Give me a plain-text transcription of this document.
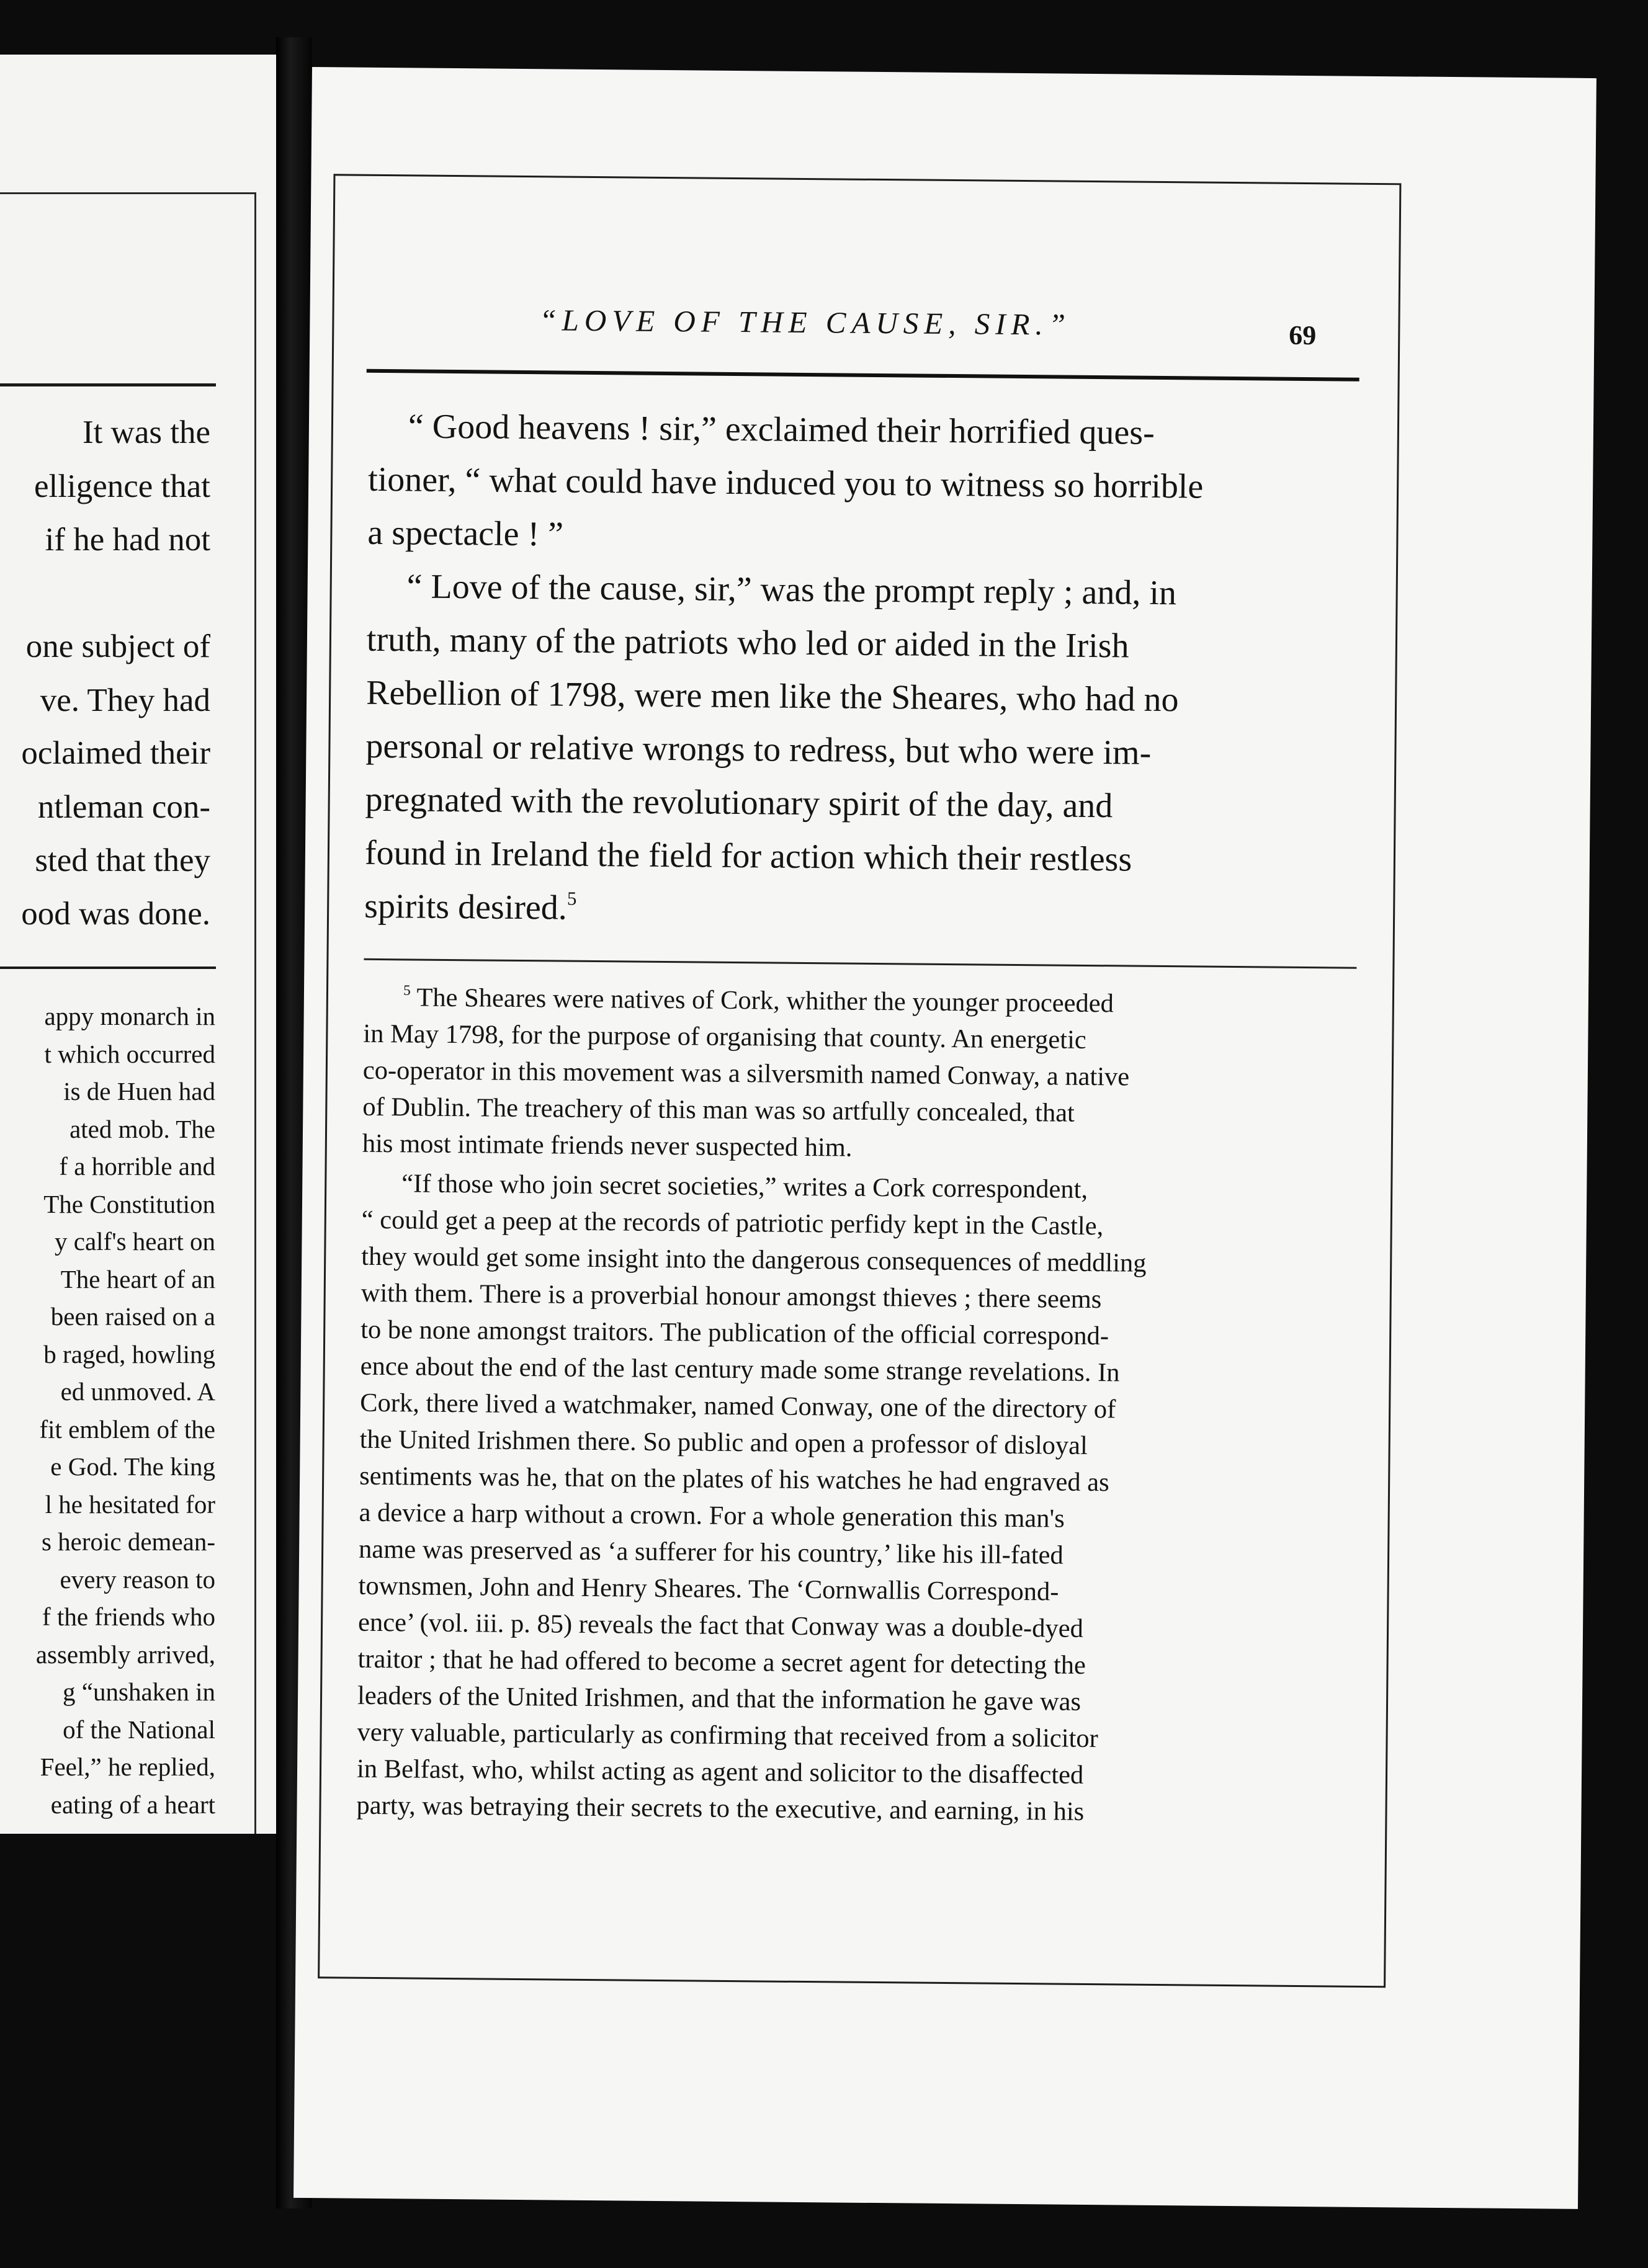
It was the
elligence that
if he had not
one subject of
ve. They had
oclaimed their
ntleman con-
sted that they
ood was done.
appy monarch in
t which occurred
is de Huen had
ated mob. The
f a horrible and
The Constitution
y calf's heart on
The heart of an
been raised on a
b raged, howling
ed unmoved. A
fit emblem of the
e God. The king
l he hesitated for
s heroic demean-
every reason to
f the friends who
assembly arrived,
g “unshaken in
of the National
Feel,” he replied,
eating of a heart
“LOVE OF THE CAUSE, SIR.”	69
“ Good heavens ! sir,” exclaimed their horrified ques-
tioner, “ what could have induced you to witness so horrible
a spectacle ! ”
“ Love of the cause, sir,” was the prompt reply ; and, in
truth, many of the patriots who led or aided in the Irish
Rebellion of 1798, were men like the Sheares, who had no
personal or relative wrongs to redress, but who were im-
pregnated with the revolutionary spirit of the day, and
found in Ireland the field for action which their restless
spirits desired.$^5$
$^5$ The Sheares were natives of Cork, whither the younger proceeded
in May 1798, for the purpose of organising that county. An energetic
co-operator in this movement was a silversmith named Conway, a native
of Dublin. The treachery of this man was so artfully concealed, that
his most intimate friends never suspected him.
“If those who join secret societies,” writes a Cork correspondent,
“ could get a peep at the records of patriotic perfidy kept in the Castle,
they would get some insight into the dangerous consequences of meddling
with them. There is a proverbial honour amongst thieves ; there seems
to be none amongst traitors. The publication of the official correspond-
ence about the end of the last century made some strange revelations. In
Cork, there lived a watchmaker, named Conway, one of the directory of
the United Irishmen there. So public and open a professor of disloyal
sentiments was he, that on the plates of his watches he had engraved as
a device a harp without a crown. For a whole generation this man's
name was preserved as ‘a sufferer for his country,’ like his ill-fated
townsmen, John and Henry Sheares. The ‘Cornwallis Correspond-
ence’ (vol. iii. p. 85) reveals the fact that Conway was a double-dyed
traitor ; that he had offered to become a secret agent for detecting the
leaders of the United Irishmen, and that the information he gave was
very valuable, particularly as confirming that received from a solicitor
in Belfast, who, whilst acting as agent and solicitor to the disaffected
party, was betraying their secrets to the executive, and earning, in his
